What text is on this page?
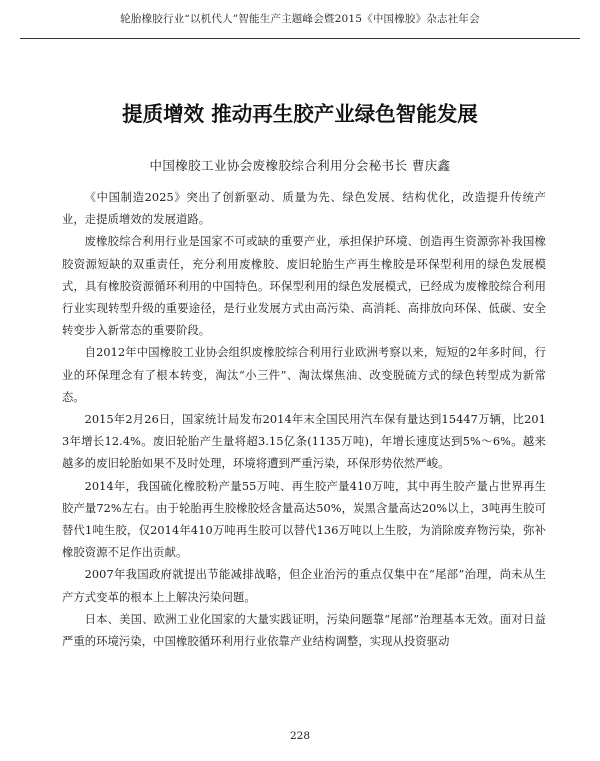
轮胎橡胶行业“以机代人”智能生产主题峰会暨2015《中国橡胶》杂志社年会
提质增效 推动再生胶产业绿色智能发展
中国橡胶工业协会废橡胶综合利用分会秘书长 曹庆鑫

《中国制造2025》突出了创新驱动、质量为先、绿色发展、结构优化，改造提升传统产业，走提质增效的发展道路。

废橡胶综合利用行业是国家不可或缺的重要产业，承担保护环境、创造再生资源弥补我国橡胶资源短缺的双重责任，充分利用废橡胶、废旧轮胎生产再生橡胶是环保型利用的绿色发展模式，具有橡胶资源循环利用的中国特色。环保型利用的绿色发展模式，已经成为废橡胶综合利用行业实现转型升级的重要途径，是行业发展方式由高污染、高消耗、高排放向环保、低碳、安全转变步入新常态的重要阶段。

自2012年中国橡胶工业协会组织废橡胶综合利用行业欧洲考察以来，短短的2年多时间，行业的环保理念有了根本转变，淘汰“小三件”、淘汰煤焦油、改变脱硫方式的绿色转型成为新常态。

2015年2月26日，国家统计局发布2014年末全国民用汽车保有量达到15447万辆，比2013年增长12.4%。废旧轮胎产生量将超3.15亿条(1135万吨)，年增长速度达到5%～6%。越来越多的废旧轮胎如果不及时处理，环境将遭到严重污染，环保形势依然严峻。

2014年，我国硫化橡胶粉产量55万吨、再生胶产量410万吨，其中再生胶产量占世界再生胶产量72%左右。由于轮胎再生胶橡胶烃含量高达50%，炭黑含量高达20%以上，3吨再生胶可替代1吨生胶，仅2014年410万吨再生胶可以替代136万吨以上生胶，为消除废弃物污染，弥补橡胶资源不足作出贡献。

2007年我国政府就提出节能减排战略，但企业治污的重点仅集中在“尾部”治理，尚未从生产方式变革的根本上上解决污染问题。

日本、美国、欧洲工业化国家的大量实践证明，污染问题靠“尾部”治理基本无效。面对日益严重的环境污染，中国橡胶循环利用行业依靠产业结构调整，实现从投资驱动

228
